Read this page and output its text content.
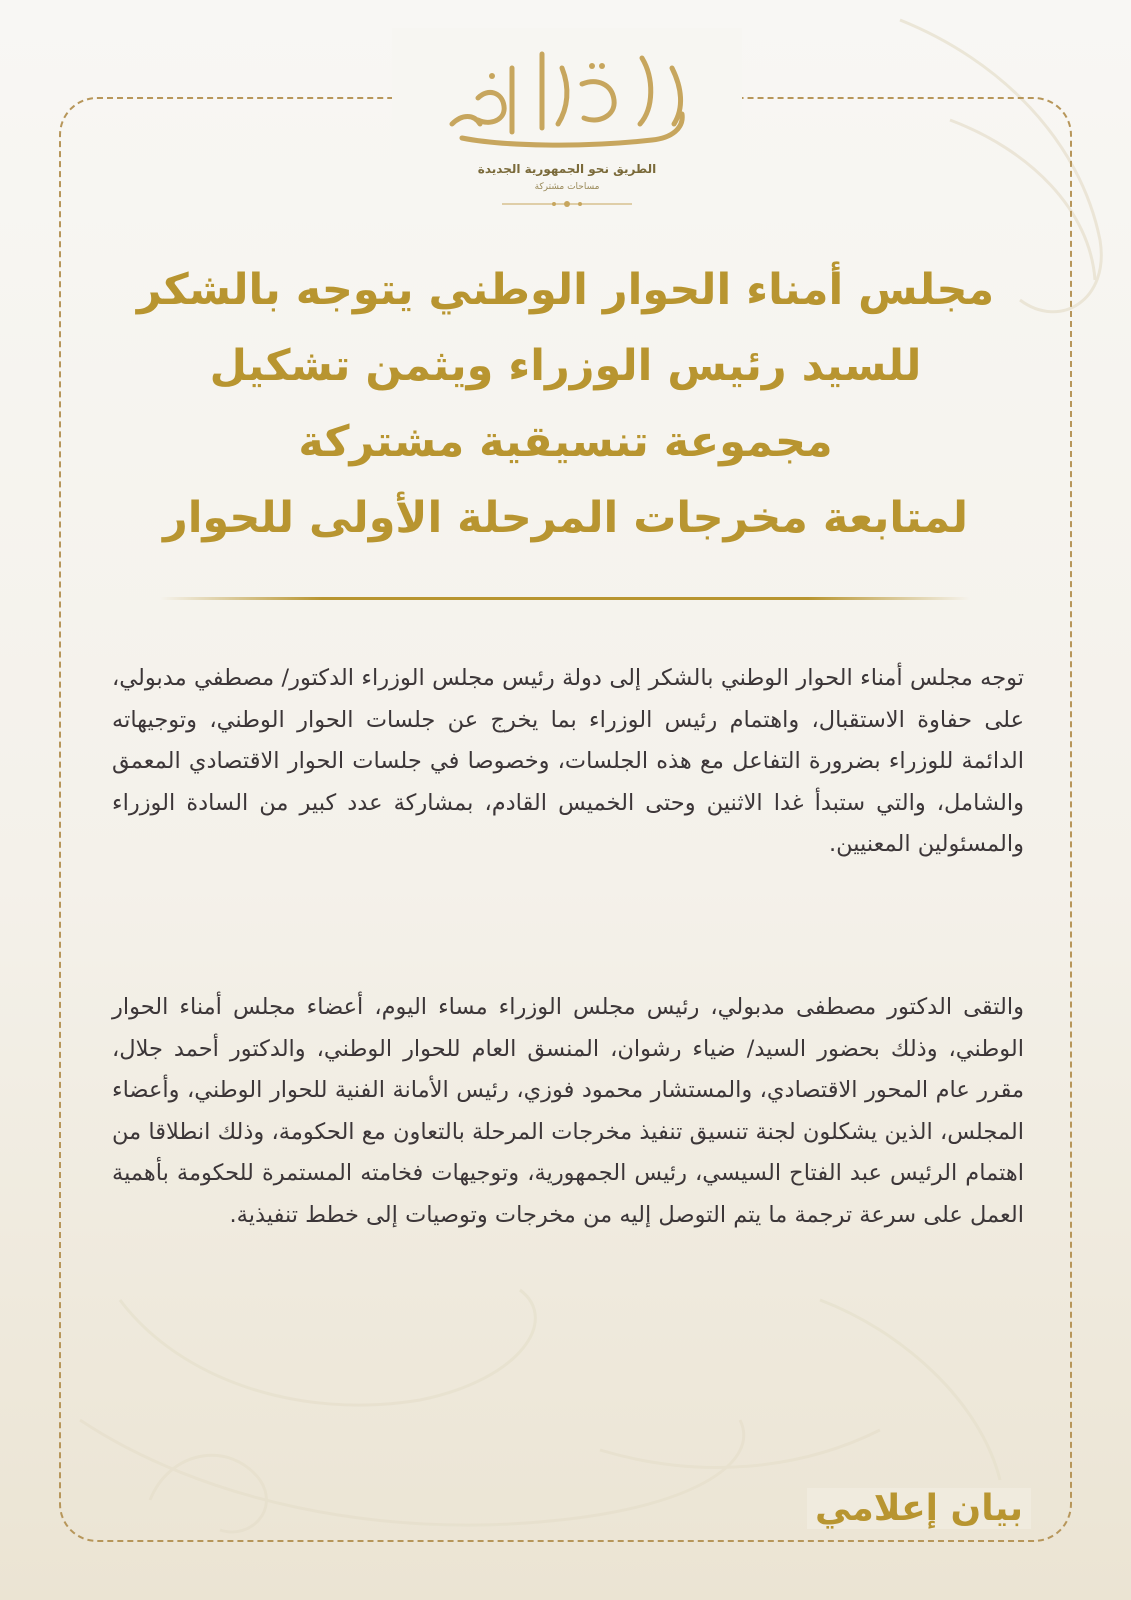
الطريق نحو الجمهورية الجديدة
مساحات مشتركة
مجلس أمناء الحوار الوطني يتوجه بالشكر
للسيد رئيس الوزراء ويثمن تشكيل
مجموعة تنسيقية مشتركة
لمتابعة مخرجات المرحلة الأولى للحوار

توجه مجلس أمناء الحوار الوطني بالشكر إلى دولة رئيس مجلس الوزراء الدكتور/ مصطفي مدبولي، على حفاوة الاستقبال، واهتمام رئيس الوزراء بما يخرج عن جلسات الحوار الوطني، وتوجيهاته الدائمة للوزراء بضرورة التفاعل مع هذه الجلسات، وخصوصا في جلسات الحوار الاقتصادي المعمق والشامل، والتي ستبدأ غدا الاثنين وحتى الخميس القادم، بمشاركة عدد كبير من السادة الوزراء والمسئولين المعنيين.

والتقى الدكتور مصطفى مدبولي، رئيس مجلس الوزراء مساء اليوم، أعضاء مجلس أمناء الحوار الوطني، وذلك بحضور السيد/ ضياء رشوان، المنسق العام للحوار الوطني، والدكتور أحمد جلال، مقرر عام المحور الاقتصادي، والمستشار محمود فوزي، رئيس الأمانة الفنية للحوار الوطني، وأعضاء المجلس، الذين يشكلون لجنة تنسيق تنفيذ مخرجات المرحلة بالتعاون مع الحكومة، وذلك انطلاقا من اهتمام الرئيس عبد الفتاح السيسي، رئيس الجمهورية، وتوجيهات فخامته المستمرة للحكومة بأهمية العمل على سرعة ترجمة ما يتم التوصل إليه من مخرجات وتوصيات إلى خطط تنفيذية.

بيان إعلامي
